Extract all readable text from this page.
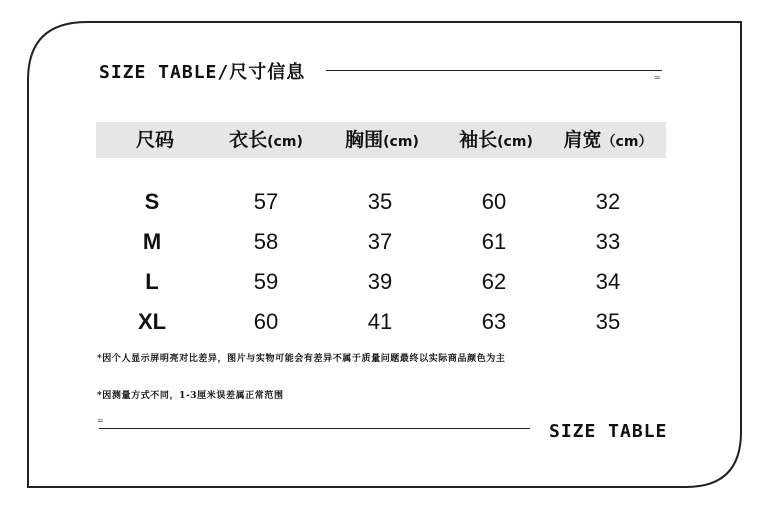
SIZE TABLE/尺寸信息	=
尺码	衣长(cm)	胸围(cm)	袖长(cm)	肩宽（cm）
S	57	35	60	32
M	58	37	61	33
L	59	39	62	34
XL	60	41	63	35
*因个人显示屏明亮对比差异，图片与实物可能会有差异不属于质量问题最终以实际商品颜色为主
*因测量方式不同，1-3厘米误差属正常范围
=
SIZE TABLE
